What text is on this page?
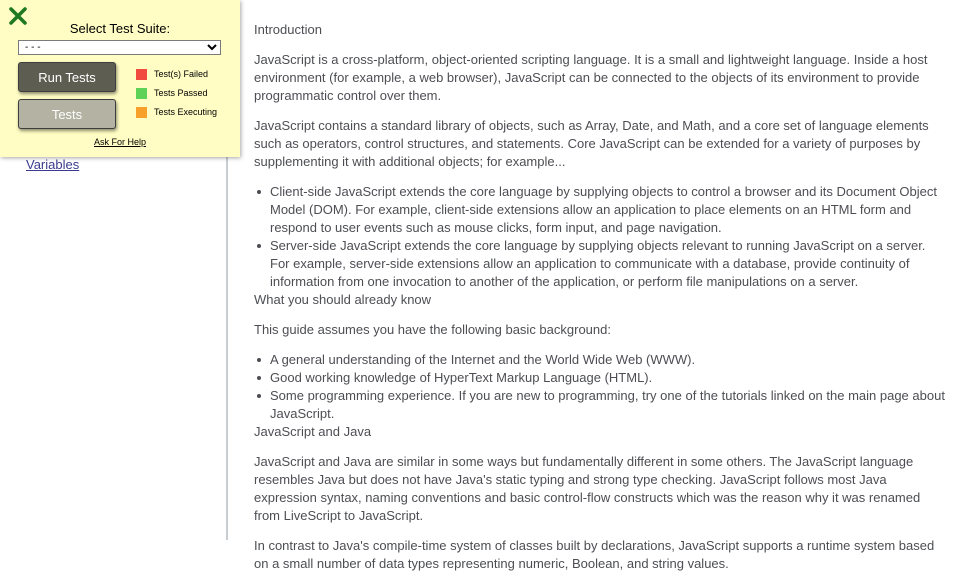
Variables
Introduction

JavaScript is a cross-platform, object-oriented scripting language. It is a small and lightweight language. Inside a host environment (for example, a web browser), JavaScript can be connected to the objects of its environment to provide programmatic control over them.

JavaScript contains a standard library of objects, such as Array, Date, and Math, and a core set of language elements such as operators, control structures, and statements. Core JavaScript can be extended for a variety of purposes by supplementing it with additional objects; for example...

Client-side JavaScript extends the core language by supplying objects to control a browser and its Document Object Model (DOM). For example, client-side extensions allow an application to place elements on an HTML form and respond to user events such as mouse clicks, form input, and page navigation.
Server-side JavaScript extends the core language by supplying objects relevant to running JavaScript on a server. For example, server-side extensions allow an application to communicate with a database, provide continuity of information from one invocation to another of the application, or perform file manipulations on a server.
What you should already know

This guide assumes you have the following basic background:

A general understanding of the Internet and the World Wide Web (WWW).
Good working knowledge of HyperText Markup Language (HTML).
Some programming experience. If you are new to programming, try one of the tutorials linked on the main page about JavaScript.
JavaScript and Java

JavaScript and Java are similar in some ways but fundamentally different in some others. The JavaScript language resembles Java but does not have Java's static typing and strong type checking. JavaScript follows most Java expression syntax, naming conventions and basic control-flow constructs which was the reason why it was renamed from LiveScript to JavaScript.

In contrast to Java's compile-time system of classes built by declarations, JavaScript supports a runtime system based on a small number of data types representing numeric, Boolean, and string values.

Select Test Suite:
- - -
Run Tests
Tests
Test(s) Failed
Tests Passed
Tests Executing
Ask For Help
